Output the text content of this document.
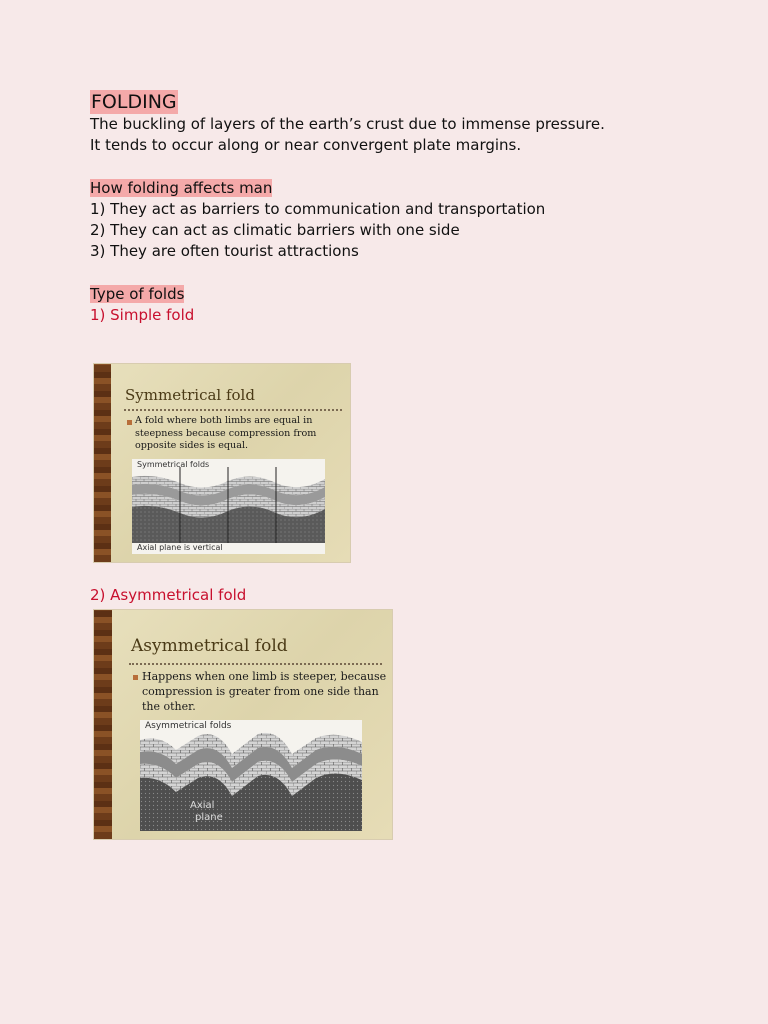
FOLDING

The buckling of layers of the earth’s crust due to immense pressure.

It tends to occur along or near convergent plate margins.

How folding affects man

1) They act as barriers to communication and transportation

2) They can act as climatic barriers with one side

3) They are often tourist attractions

Type of folds

1) Simple fold

Symmetrical fold

A fold where both limbs are equal in
steepness because compression from
opposite sides is equal.
Symmetrical folds
Axial plane is vertical

2) Asymmetrical fold

Asymmetrical fold

Happens when one limb is steeper, because
compression is greater from one side than
the other.
Asymmetrical folds
Axial
plane
